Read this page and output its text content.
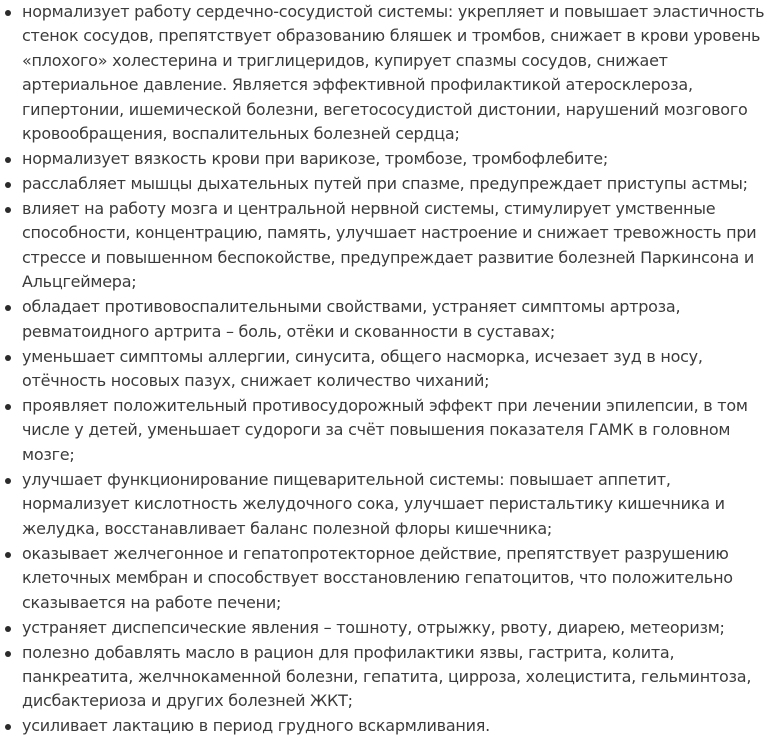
нормализует работу сердечно-сосудистой системы: укрепляет и повышает эластичность стенок сосудов, препятствует образованию бляшек и тромбов, снижает в крови уровень «плохого» холестерина и триглицеридов, купирует спазмы сосудов, снижает артериальное давление. Является эффективной профилактикой атеросклероза, гипертонии, ишемической болезни, вегетососудистой дистонии, нарушений мозгового кровообращения, воспалительных болезней сердца;
нормализует вязкость крови при варикозе, тромбозе, тромбофлебите;
расслабляет мышцы дыхательных путей при спазме, предупреждает приступы астмы;
влияет на работу мозга и центральной нервной системы, стимулирует умственные способности, концентрацию, память, улучшает настроение и снижает тревожность при стрессе и повышенном беспокойстве, предупреждает развитие болезней Паркинсона и Альцгеймера;
обладает противовоспалительными свойствами, устраняет симптомы артроза, ревматоидного артрита – боль, отёки и скованности в суставах;
уменьшает симптомы аллергии, синусита, общего насморка, исчезает зуд в носу, отёчность носовых пазух, снижает количество чиханий;
проявляет положительный противосудорожный эффект при лечении эпилепсии, в том числе у детей, уменьшает судороги за счёт повышения показателя ГАМК в головном мозге;
улучшает функционирование пищеварительной системы: повышает аппетит, нормализует кислотность желудочного сока, улучшает перистальтику кишечника и желудка, восстанавливает баланс полезной флоры кишечника;
оказывает желчегонное и гепатопротекторное действие, препятствует разрушению клеточных мембран и способствует восстановлению гепатоцитов, что положительно сказывается на работе печени;
устраняет диспепсические явления – тошноту, отрыжку, рвоту, диарею, метеоризм;
полезно добавлять масло в рацион для профилактики язвы, гастрита, колита, панкреатита, желчнокаменной болезни, гепатита, цирроза, холецистита, гельминтоза, дисбактериоза и других болезней ЖКТ;
усиливает лактацию в период грудного вскармливания.
